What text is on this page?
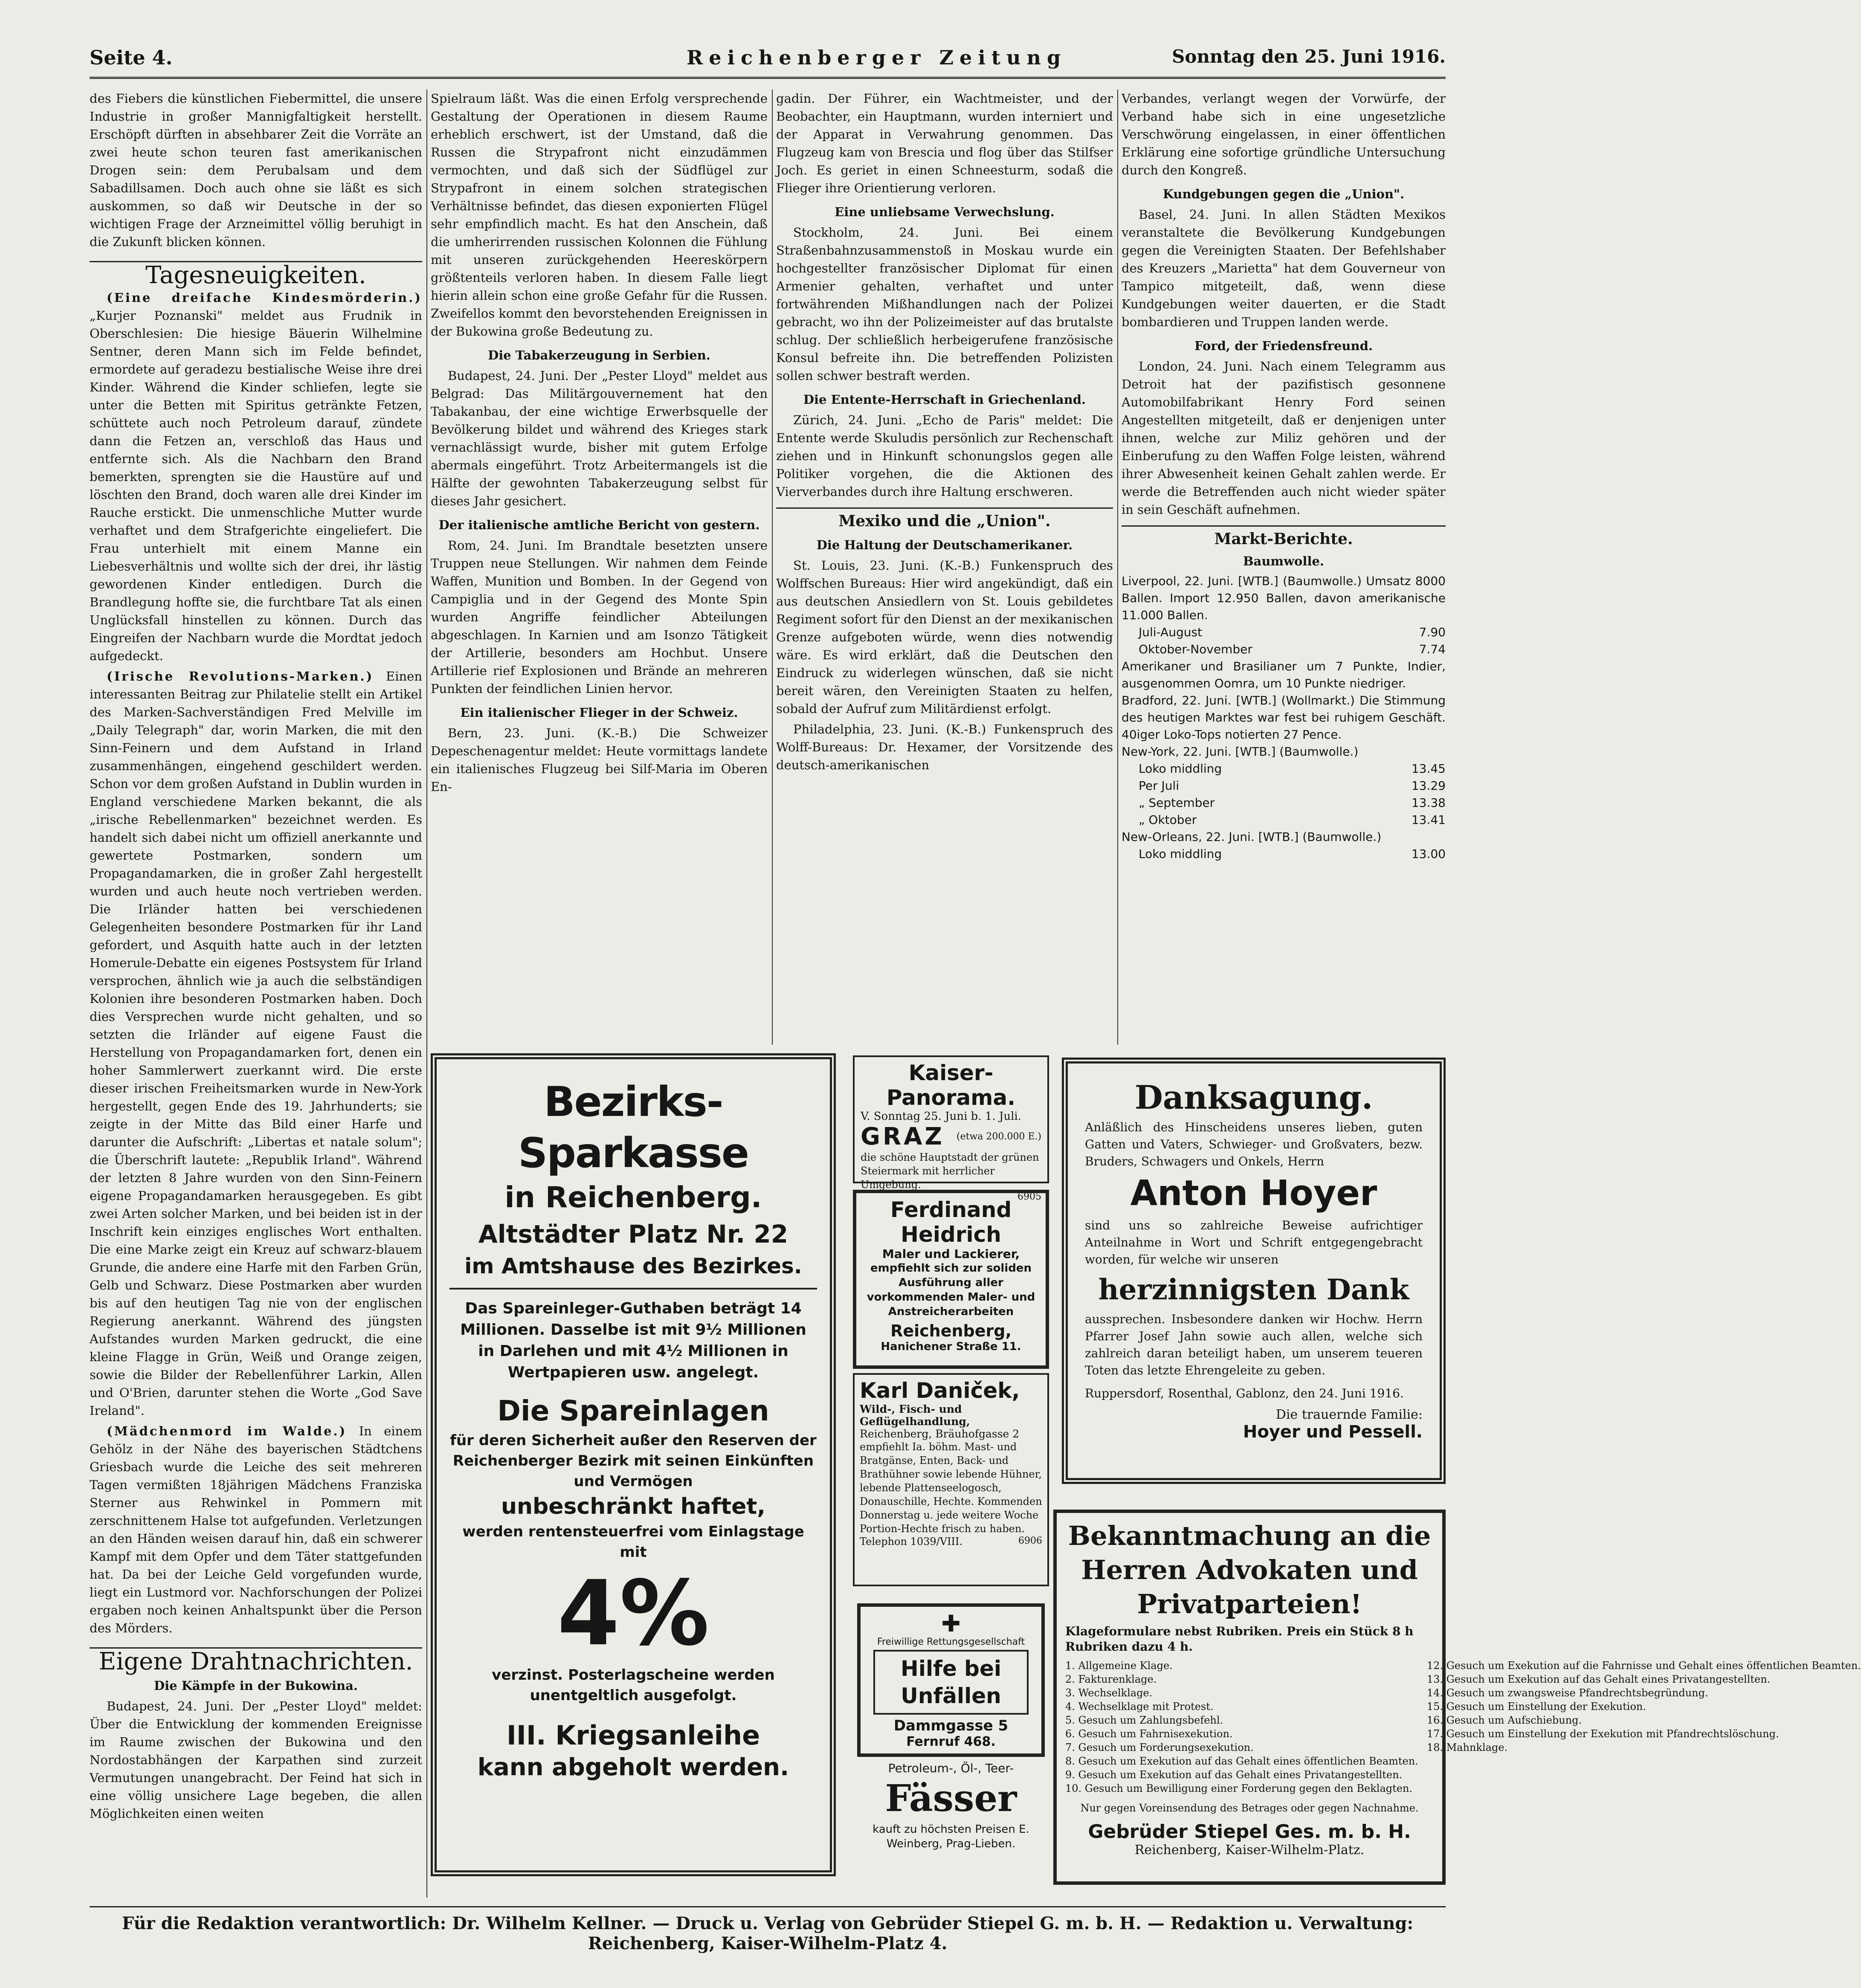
Seite 4.	Reichenberger Zeitung	Sonntag den 25. Juni 1916.

des Fiebers die künstlichen Fiebermittel, die unsere Industrie in großer Mannigfaltigkeit herstellt. Erschöpft dürften in absehbarer Zeit die Vorräte an zwei heute schon teuren fast amerikanischen Drogen sein: dem Perubalsam und dem Sabadillsamen. Doch auch ohne sie läßt es sich auskommen, so daß wir Deutsche in der so wichtigen Frage der Arzneimittel völlig beruhigt in die Zukunft blicken können.

Tagesneuigkeiten.

(Eine dreifache Kindesmörderin.) „Kurjer Poznanski" meldet aus Frudnik in Oberschlesien: Die hiesige Bäuerin Wilhelmine Sentner, deren Mann sich im Felde befindet, ermordete auf geradezu bestialische Weise ihre drei Kinder. Während die Kinder schliefen, legte sie unter die Betten mit Spiritus getränkte Fetzen, schüttete auch noch Petroleum darauf, zündete dann die Fetzen an, verschloß das Haus und entfernte sich. Als die Nachbarn den Brand bemerkten, sprengten sie die Haustüre auf und löschten den Brand, doch waren alle drei Kinder im Rauche erstickt. Die unmenschliche Mutter wurde verhaftet und dem Strafgerichte eingeliefert. Die Frau unterhielt mit einem Manne ein Liebesverhältnis und wollte sich der drei, ihr lästig gewordenen Kinder entledigen. Durch die Brandlegung hoffte sie, die furchtbare Tat als einen Unglücksfall hinstellen zu können. Durch das Eingreifen der Nachbarn wurde die Mordtat jedoch aufgedeckt.

(Irische Revolutions-Marken.) Einen interessanten Beitrag zur Philatelie stellt ein Artikel des Marken-Sachverständigen Fred Melville im „Daily Telegraph" dar, worin Marken, die mit den Sinn-Feinern und dem Aufstand in Irland zusammenhängen, eingehend geschildert werden. Schon vor dem großen Aufstand in Dublin wurden in England verschiedene Marken bekannt, die als „irische Rebellenmarken" bezeichnet werden. Es handelt sich dabei nicht um offiziell anerkannte und gewertete Postmarken, sondern um Propagandamarken, die in großer Zahl hergestellt wurden und auch heute noch vertrieben werden. Die Irländer hatten bei verschiedenen Gelegenheiten besondere Postmarken für ihr Land gefordert, und Asquith hatte auch in der letzten Homerule-Debatte ein eigenes Postsystem für Irland versprochen, ähnlich wie ja auch die selbständigen Kolonien ihre besonderen Postmarken haben. Doch dies Versprechen wurde nicht gehalten, und so setzten die Irländer auf eigene Faust die Herstellung von Propagandamarken fort, denen ein hoher Sammlerwert zuerkannt wird. Die erste dieser irischen Freiheitsmarken wurde in New-York hergestellt, gegen Ende des 19. Jahrhunderts; sie zeigte in der Mitte das Bild einer Harfe und darunter die Aufschrift: „Libertas et natale solum"; die Überschrift lautete: „Republik Irland". Während der letzten 8 Jahre wurden von den Sinn-Feinern eigene Propagandamarken herausgegeben. Es gibt zwei Arten solcher Marken, und bei beiden ist in der Inschrift kein einziges englisches Wort enthalten. Die eine Marke zeigt ein Kreuz auf schwarz-blauem Grunde, die andere eine Harfe mit den Farben Grün, Gelb und Schwarz. Diese Postmarken aber wurden bis auf den heutigen Tag nie von der englischen Regierung anerkannt. Während des jüngsten Aufstandes wurden Marken gedruckt, die eine kleine Flagge in Grün, Weiß und Orange zeigen, sowie die Bilder der Rebellenführer Larkin, Allen und O'Brien, darunter stehen die Worte „God Save Ireland".

(Mädchenmord im Walde.) In einem Gehölz in der Nähe des bayerischen Städtchens Griesbach wurde die Leiche des seit mehreren Tagen vermißten 18jährigen Mädchens Franziska Sterner aus Rehwinkel in Pommern mit zerschnittenem Halse tot aufgefunden. Verletzungen an den Händen weisen darauf hin, daß ein schwerer Kampf mit dem Opfer und dem Täter stattgefunden hat. Da bei der Leiche Geld vorgefunden wurde, liegt ein Lustmord vor. Nachforschungen der Polizei ergaben noch keinen Anhaltspunkt über die Person des Mörders.

Eigene Drahtnachrichten.
Die Kämpfe in der Bukowina.

Budapest, 24. Juni. Der „Pester Lloyd" meldet: Über die Entwicklung der kommenden Ereignisse im Raume zwischen der Bukowina und den Nordostabhängen der Karpathen sind zurzeit Vermutungen unangebracht. Der Feind hat sich in eine völlig unsichere Lage begeben, die allen Möglichkeiten einen weiten

Spielraum läßt. Was die einen Erfolg versprechende Gestaltung der Operationen in diesem Raume erheblich erschwert, ist der Umstand, daß die Russen die Strypafront nicht einzudämmen vermochten, und daß sich der Südflügel zur Strypafront in einem solchen strategischen Verhältnisse befindet, das diesen exponierten Flügel sehr empfindlich macht. Es hat den Anschein, daß die umherirrenden russischen Kolonnen die Fühlung mit unseren zurückgehenden Heereskörpern größtenteils verloren haben. In diesem Falle liegt hierin allein schon eine große Gefahr für die Russen. Zweifellos kommt den bevorstehenden Ereignissen in der Bukowina große Bedeutung zu.

Die Tabakerzeugung in Serbien.

Budapest, 24. Juni. Der „Pester Lloyd" meldet aus Belgrad: Das Militärgouvernement hat den Tabakanbau, der eine wichtige Erwerbsquelle der Bevölkerung bildet und während des Krieges stark vernachlässigt wurde, bisher mit gutem Erfolge abermals eingeführt. Trotz Arbeitermangels ist die Hälfte der gewohnten Tabakerzeugung selbst für dieses Jahr gesichert.

Der italienische amtliche Bericht von gestern.

Rom, 24. Juni. Im Brandtale besetzten unsere Truppen neue Stellungen. Wir nahmen dem Feinde Waffen, Munition und Bomben. In der Gegend von Campiglia und in der Gegend des Monte Spin wurden Angriffe feindlicher Abteilungen abgeschlagen. In Karnien und am Isonzo Tätigkeit der Artillerie, besonders am Hochbut. Unsere Artillerie rief Explosionen und Brände an mehreren Punkten der feindlichen Linien hervor.

Ein italienischer Flieger in der Schweiz.

Bern, 23. Juni. (K.-B.) Die Schweizer Depeschenagentur meldet: Heute vormittags landete ein italienisches Flugzeug bei Silf-Maria im Oberen En-

gadin. Der Führer, ein Wachtmeister, und der Beobachter, ein Hauptmann, wurden interniert und der Apparat in Verwahrung genommen. Das Flugzeug kam von Brescia und flog über das Stilfser Joch. Es geriet in einen Schneesturm, sodaß die Flieger ihre Orientierung verloren.

Eine unliebsame Verwechslung.

Stockholm, 24. Juni. Bei einem Straßenbahnzusammenstoß in Moskau wurde ein hochgestellter französischer Diplomat für einen Armenier gehalten, verhaftet und unter fortwährenden Mißhandlungen nach der Polizei gebracht, wo ihn der Polizeimeister auf das brutalste schlug. Der schließlich herbeigerufene französische Konsul befreite ihn. Die betreffenden Polizisten sollen schwer bestraft werden.

Die Entente-Herrschaft in Griechenland.

Zürich, 24. Juni. „Echo de Paris" meldet: Die Entente werde Skuludis persönlich zur Rechenschaft ziehen und in Hinkunft schonungslos gegen alle Politiker vorgehen, die die Aktionen des Vierverbandes durch ihre Haltung erschweren.

Mexiko und die „Union".
Die Haltung der Deutschamerikaner.

St. Louis, 23. Juni. (K.-B.) Funkenspruch des Wolffschen Bureaus: Hier wird angekündigt, daß ein aus deutschen Ansiedlern von St. Louis gebildetes Regiment sofort für den Dienst an der mexikanischen Grenze aufgeboten würde, wenn dies notwendig wäre. Es wird erklärt, daß die Deutschen den Eindruck zu widerlegen wünschen, daß sie nicht bereit wären, den Vereinigten Staaten zu helfen, sobald der Aufruf zum Militärdienst erfolgt.

Philadelphia, 23. Juni. (K.-B.) Funkenspruch des Wolff-Bureaus: Dr. Hexamer, der Vorsitzende des deutsch-amerikanischen

Verbandes, verlangt wegen der Vorwürfe, der Verband habe sich in eine ungesetzliche Verschwörung eingelassen, in einer öffentlichen Erklärung eine sofortige gründliche Untersuchung durch den Kongreß.

Kundgebungen gegen die „Union".

Basel, 24. Juni. In allen Städten Mexikos veranstaltete die Bevölkerung Kundgebungen gegen die Vereinigten Staaten. Der Befehlshaber des Kreuzers „Marietta" hat dem Gouverneur von Tampico mitgeteilt, daß, wenn diese Kundgebungen weiter dauerten, er die Stadt bombardieren und Truppen landen werde.

Ford, der Friedensfreund.

London, 24. Juni. Nach einem Telegramm aus Detroit hat der pazifistisch gesonnene Automobilfabrikant Henry Ford seinen Angestellten mitgeteilt, daß er denjenigen unter ihnen, welche zur Miliz gehören und der Einberufung zu den Waffen Folge leisten, während ihrer Abwesenheit keinen Gehalt zahlen werde. Er werde die Betreffenden auch nicht wieder später in sein Geschäft aufnehmen.

Markt-Berichte.
Baumwolle.
Liverpool, 22. Juni. [WTB.] (Baumwolle.) Umsatz 8000 Ballen. Import 12.950 Ballen, davon amerikanische 11.000 Ballen.
Juli-August	7.90
Oktober-November	7.74
Amerikaner und Brasilianer um 7 Punkte, Indier, ausgenommen Oomra, um 10 Punkte niedriger.
Bradford, 22. Juni. [WTB.] (Wollmarkt.) Die Stimmung des heutigen Marktes war fest bei ruhigem Geschäft. 40iger Loko-Tops notierten 27 Pence.
New-York, 22. Juni. [WTB.] (Baumwolle.)
Loko middling	13.45
Per Juli	13.29
„ September	13.38
„ Oktober	13.41
New-Orleans, 22. Juni. [WTB.] (Baumwolle.)
Loko middling	13.00
Bezirks-Sparkasse
in Reichenberg.
Altstädter Platz Nr. 22
im Amtshause des Bezirkes.
Das Spareinleger-Guthaben beträgt 14 Millionen. Dasselbe ist mit 9½ Millionen in Darlehen und mit 4½ Millionen in Wertpapieren usw. angelegt.
Die Spareinlagen
für deren Sicherheit außer den Reserven der Reichenberger Bezirk mit seinen Einkünften und Vermögen
unbeschränkt haftet,
werden rentensteuerfrei vom Einlagstage mit
4%
verzinst. Posterlagscheine werden unentgeltlich ausgefolgt.
III. Kriegsanleihe
kann abgeholt werden.
Kaiser-Panorama.
V. Sonntag 25. Juni b. 1. Juli.
GRAZ (etwa 200.000 E.)
die schöne Hauptstadt der grünen Steiermark mit herrlicher Umgebung.
6905
Ferdinand
Heidrich
Maler und Lackierer,
empfiehlt sich zur soliden Ausführung aller vorkommenden Maler- und Anstreicherarbeiten
Reichenberg,
Hanichener Straße 11.
Karl Daniček,
Wild-, Fisch- und Geflügelhandlung,
Reichenberg, Bräuhofgasse 2
empfiehlt Ia. böhm. Mast- und Bratgänse, Enten, Back- und Brathühner sowie lebende Hühner, lebende Plattenseelogosch, Donauschille, Hechte. Kommenden Donnerstag u. jede weitere Woche Portion-Hechte frisch zu haben.
Telephon 1039/VIII.	6906
✚
Freiwillige Rettungsgesellschaft
Hilfe bei Unfällen
Dammgasse 5
Fernruf 468.
Petroleum-, Öl-, Teer-
Fässer
kauft zu höchsten Preisen E. Weinberg, Prag-Lieben.
Danksagung.
Anläßlich des Hinscheidens unseres lieben, guten Gatten und Vaters, Schwieger- und Großvaters, bezw. Bruders, Schwagers und Onkels, Herrn
Anton Hoyer
sind uns so zahlreiche Beweise aufrichtiger Anteilnahme in Wort und Schrift entgegengebracht worden, für welche wir unseren
herzinnigsten Dank
aussprechen. Insbesondere danken wir Hochw. Herrn Pfarrer Josef Jahn sowie auch allen, welche sich zahlreich daran beteiligt haben, um unserem teueren Toten das letzte Ehrengeleite zu geben.
Ruppersdorf, Rosenthal, Gablonz, den 24. Juni 1916.
Die trauernde Familie:
Hoyer und Pessell.
Bekanntmachung an die Herren Advokaten und Privatparteien!
Klageformulare nebst Rubriken. Preis ein Stück 8 h Rubriken dazu 4 h.
1. Allgemeine Klage.
2. Fakturenklage.
3. Wechselklage.
4. Wechselklage mit Protest.
5. Gesuch um Zahlungsbefehl.
6. Gesuch um Fahrnisexekution.
7. Gesuch um Forderungsexekution.
8. Gesuch um Exekution auf das Gehalt eines öffentlichen Beamten.
9. Gesuch um Exekution auf das Gehalt eines Privatangestellten.
10. Gesuch um Bewilligung einer Forderung gegen den Beklagten.
12. Gesuch um Exekution auf die Fahrnisse und Gehalt eines öffentlichen Beamten.
13. Gesuch um Exekution auf das Gehalt eines Privatangestellten.
14. Gesuch um zwangsweise Pfandrechtsbegründung.
15. Gesuch um Einstellung der Exekution.
16. Gesuch um Aufschiebung.
17. Gesuch um Einstellung der Exekution mit Pfandrechtslöschung.
18. Mahnklage.
Nur gegen Voreinsendung des Betrages oder gegen Nachnahme.
Gebrüder Stiepel Ges. m. b. H.
Reichenberg, Kaiser-Wilhelm-Platz.
Für die Redaktion verantwortlich: Dr. Wilhelm Kellner. — Druck u. Verlag von Gebrüder Stiepel G. m. b. H. — Redaktion u. Verwaltung: Reichenberg, Kaiser-Wilhelm-Platz 4.
